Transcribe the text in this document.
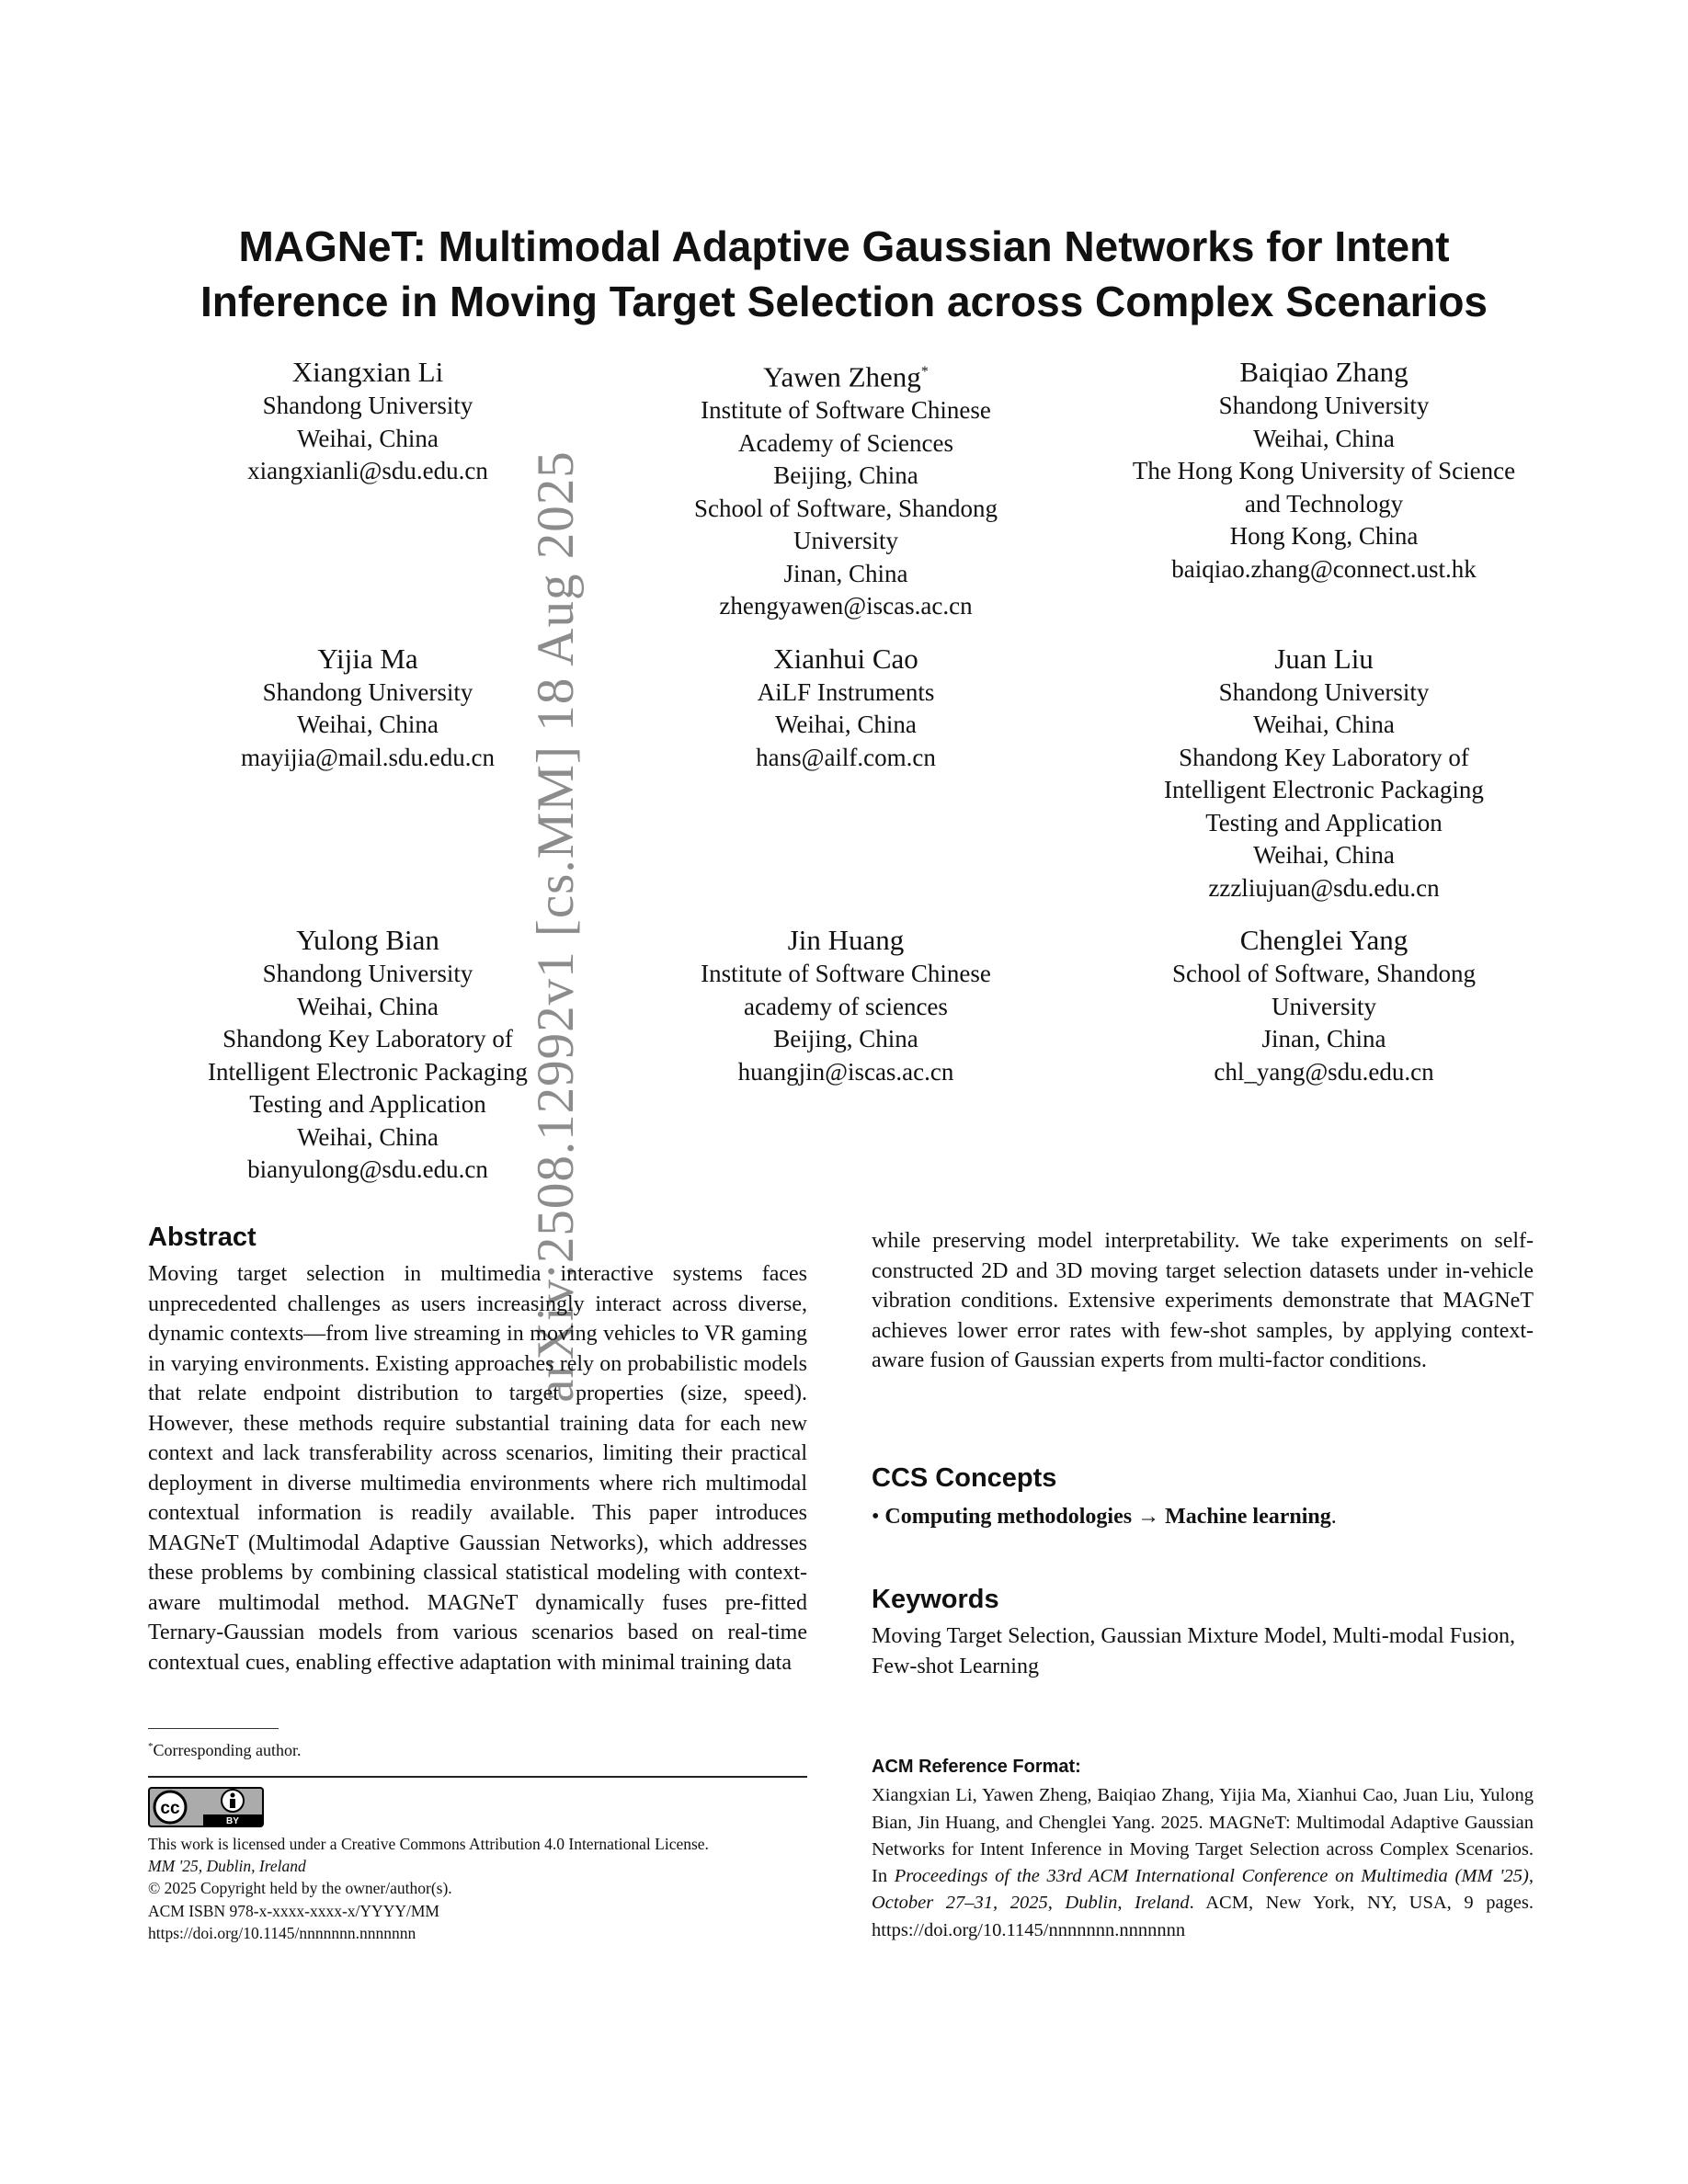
arXiv:2508.12992v1 [cs.MM] 18 Aug 2025
MAGNeT: Multimodal Adaptive Gaussian Networks for Intent
Inference in Moving Target Selection across Complex Scenarios
Xiangxian Li
Shandong University
Weihai, China
xiangxianli@sdu.edu.cn
Yawen Zheng*
Institute of Software Chinese
Academy of Sciences
Beijing, China
School of Software, Shandong
University
Jinan, China
zhengyawen@iscas.ac.cn
Baiqiao Zhang
Shandong University
Weihai, China
The Hong Kong University of Science
and Technology
Hong Kong, China
baiqiao.zhang@connect.ust.hk
Yijia Ma
Shandong University
Weihai, China
mayijia@mail.sdu.edu.cn
Xianhui Cao
AiLF Instruments
Weihai, China
hans@ailf.com.cn
Juan Liu
Shandong University
Weihai, China
Shandong Key Laboratory of
Intelligent Electronic Packaging
Testing and Application
Weihai, China
zzzliujuan@sdu.edu.cn
Yulong Bian
Shandong University
Weihai, China
Shandong Key Laboratory of
Intelligent Electronic Packaging
Testing and Application
Weihai, China
bianyulong@sdu.edu.cn
Jin Huang
Institute of Software Chinese
academy of sciences
Beijing, China
huangjin@iscas.ac.cn
Chenglei Yang
School of Software, Shandong
University
Jinan, China
chl_yang@sdu.edu.cn
Abstract

Moving target selection in multimedia interactive systems faces unprecedented challenges as users increasingly interact across diverse, dynamic contexts—from live streaming in moving vehicles to VR gaming in varying environments. Existing approaches rely on probabilistic models that relate endpoint distribution to target properties (size, speed). However, these methods require substantial training data for each new context and lack transferability across scenarios, limiting their practical deployment in diverse multimedia environments where rich multimodal contextual information is readily available. This paper introduces MAGNeT (Multimodal Adaptive Gaussian Networks), which addresses these problems by combining classical statistical modeling with context-aware multimodal method. MAGNeT dynamically fuses pre-fitted Ternary-Gaussian models from various scenarios based on real-time contextual cues, enabling effective adaptation with minimal training data

while preserving model interpretability. We take experiments on self-constructed 2D and 3D moving target selection datasets under in-vehicle vibration conditions. Extensive experiments demonstrate that MAGNeT achieves lower error rates with few-shot samples, by applying context-aware fusion of Gaussian experts from multi-factor conditions.

CCS Concepts
• Computing methodologies → Machine learning.
Keywords

Moving Target Selection, Gaussian Mixture Model, Multi-modal Fusion, Few-shot Learning

*Corresponding author.
cc
BY
This work is licensed under a Creative Commons Attribution 4.0 International License.
MM '25, Dublin, Ireland
© 2025 Copyright held by the owner/author(s).
ACM ISBN 978-x-xxxx-xxxx-x/YYYY/MM
https://doi.org/10.1145/nnnnnnn.nnnnnnn
ACM Reference Format:
Xiangxian Li, Yawen Zheng, Baiqiao Zhang, Yijia Ma, Xianhui Cao, Juan Liu, Yulong Bian, Jin Huang, and Chenglei Yang. 2025. MAGNeT: Multimodal Adaptive Gaussian Networks for Intent Inference in Moving Target Selection across Complex Scenarios. In Proceedings of the 33rd ACM International Conference on Multimedia (MM '25), October 27–31, 2025, Dublin, Ireland. ACM, New York, NY, USA, 9 pages. https://doi.org/10.1145/nnnnnnn.nnnnnnn
